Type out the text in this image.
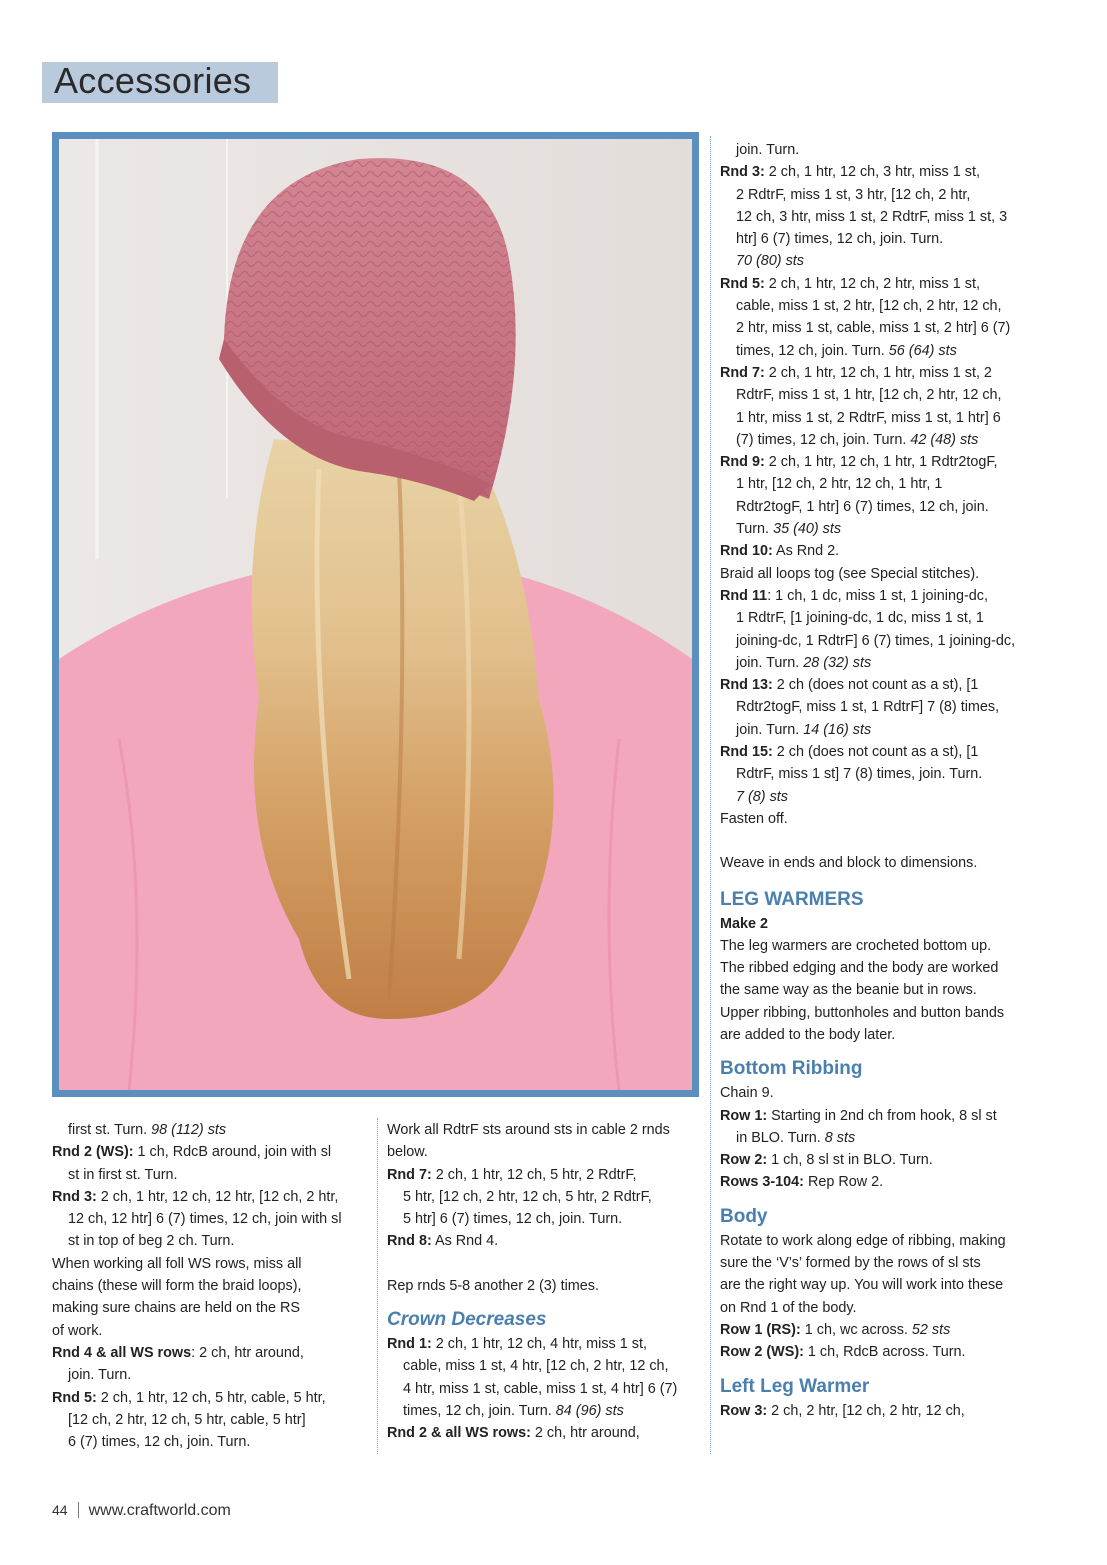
Accessories

first st. Turn. 98 (112) sts

Rnd 2 (WS): 1 ch, RdcB around, join with sl

st in first st. Turn.

Rnd 3: 2 ch, 1 htr, 12 ch, 12 htr, [12 ch, 2 htr,

12 ch, 12 htr] 6 (7) times, 12 ch, join with sl

st in top of beg 2 ch. Turn.

When working all foll WS rows, miss all

chains (these will form the braid loops),

making sure chains are held on the RS

of work.

Rnd 4 & all WS rows: 2 ch, htr around,

join. Turn.

Rnd 5: 2 ch, 1 htr, 12 ch, 5 htr, cable, 5 htr,

[12 ch, 2 htr, 12 ch, 5 htr, cable, 5 htr]

6 (7) times, 12 ch, join. Turn.

Work all RdtrF sts around sts in cable 2 rnds

below.

Rnd 7: 2 ch, 1 htr, 12 ch, 5 htr, 2 RdtrF,

5 htr, [12 ch, 2 htr, 12 ch, 5 htr, 2 RdtrF,

5 htr] 6 (7) times, 12 ch, join. Turn.

Rnd 8: As Rnd 4.

Rep rnds 5-8 another 2 (3) times.

Crown Decreases

Rnd 1: 2 ch, 1 htr, 12 ch, 4 htr, miss 1 st,

cable, miss 1 st, 4 htr, [12 ch, 2 htr, 12 ch,

4 htr, miss 1 st, cable, miss 1 st, 4 htr] 6 (7)

times, 12 ch, join. Turn. 84 (96) sts

Rnd 2 & all WS rows: 2 ch, htr around,

join. Turn.

Rnd 3: 2 ch, 1 htr, 12 ch, 3 htr, miss 1 st,

2 RdtrF, miss 1 st, 3 htr, [12 ch, 2 htr,

12 ch, 3 htr, miss 1 st, 2 RdtrF, miss 1 st, 3

htr] 6 (7) times, 12 ch, join. Turn.

70 (80) sts

Rnd 5: 2 ch, 1 htr, 12 ch, 2 htr, miss 1 st,

cable, miss 1 st, 2 htr, [12 ch, 2 htr, 12 ch,

2 htr, miss 1 st, cable, miss 1 st, 2 htr] 6 (7)

times, 12 ch, join. Turn. 56 (64) sts

Rnd 7: 2 ch, 1 htr, 12 ch, 1 htr, miss 1 st, 2

RdtrF, miss 1 st, 1 htr, [12 ch, 2 htr, 12 ch,

1 htr, miss 1 st, 2 RdtrF, miss 1 st, 1 htr] 6

(7) times, 12 ch, join. Turn. 42 (48) sts

Rnd 9: 2 ch, 1 htr, 12 ch, 1 htr, 1 Rdtr2togF,

1 htr, [12 ch, 2 htr, 12 ch, 1 htr, 1

Rdtr2togF, 1 htr] 6 (7) times, 12 ch, join.

Turn. 35 (40) sts

Rnd 10: As Rnd 2.

Braid all loops tog (see Special stitches).

Rnd 11: 1 ch, 1 dc, miss 1 st, 1 joining-dc,

1 RdtrF, [1 joining-dc, 1 dc, miss 1 st, 1

joining-dc, 1 RdtrF] 6 (7) times, 1 joining-dc,

join. Turn. 28 (32) sts

Rnd 13: 2 ch (does not count as a st), [1

Rdtr2togF, miss 1 st, 1 RdtrF] 7 (8) times,

join. Turn. 14 (16) sts

Rnd 15: 2 ch (does not count as a st), [1

RdtrF, miss 1 st] 7 (8) times, join. Turn.

7 (8) sts

Fasten off.

Weave in ends and block to dimensions.

LEG WARMERS

Make 2

The leg warmers are crocheted bottom up.

The ribbed edging and the body are worked

the same way as the beanie but in rows.

Upper ribbing, buttonholes and button bands

are added to the body later.

Bottom Ribbing

Chain 9.

Row 1: Starting in 2nd ch from hook, 8 sl st

in BLO. Turn. 8 sts

Row 2: 1 ch, 8 sl st in BLO. Turn.

Rows 3-104: Rep Row 2.

Body

Rotate to work along edge of ribbing, making

sure the ‘V’s’ formed by the rows of sl sts

are the right way up. You will work into these

on Rnd 1 of the body.

Row 1 (RS): 1 ch, wc across. 52 sts

Row 2 (WS): 1 ch, RdcB across. Turn.

Left Leg Warmer

Row 3: 2 ch, 2 htr, [12 ch, 2 htr, 12 ch,

44 www.craftworld.com
